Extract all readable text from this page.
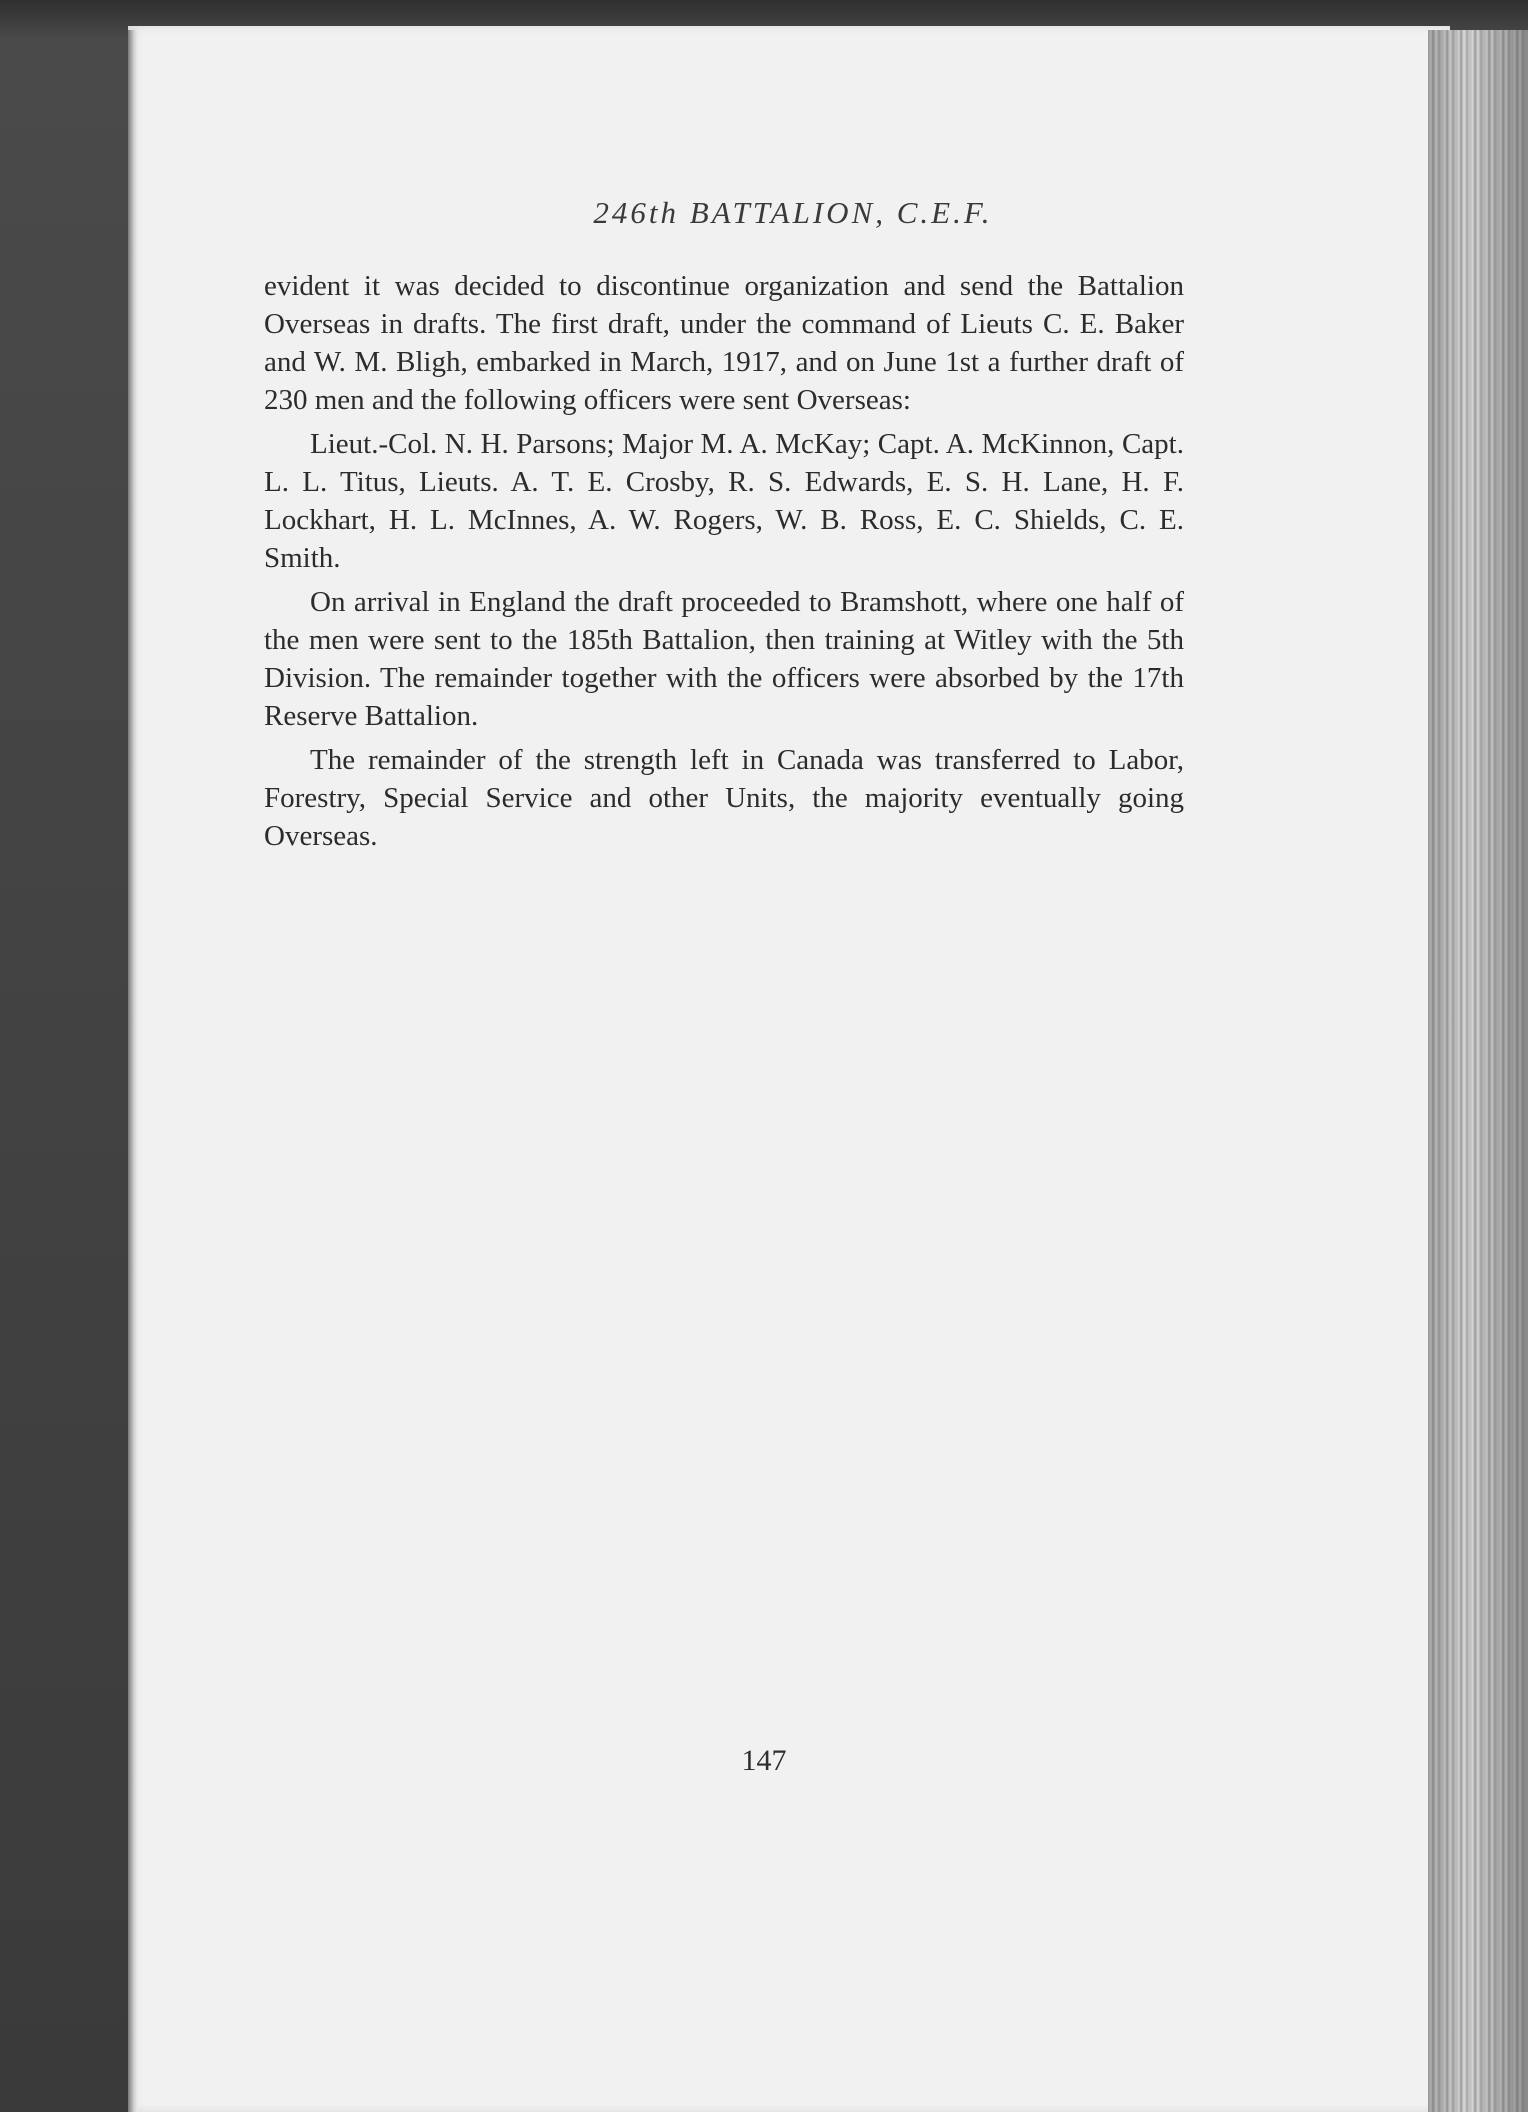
246th BATTALION, C.E.F.

evident it was decided to discontinue organization and send the Battalion Overseas in drafts. The first draft, under the command of Lieuts C. E. Baker and W. M. Bligh, embarked in March, 1917, and on June 1st a further draft of 230 men and the following officers were sent Overseas:

Lieut.-Col. N. H. Parsons; Major M. A. McKay; Capt. A. McKinnon, Capt. L. L. Titus, Lieuts. A. T. E. Crosby, R. S. Edwards, E. S. H. Lane, H. F. Lockhart, H. L. McInnes, A. W. Rogers, W. B. Ross, E. C. Shields, C. E. Smith.

On arrival in England the draft proceeded to Bramshott, where one half of the men were sent to the 185th Battalion, then training at Witley with the 5th Division. The remainder together with the officers were absorbed by the 17th Reserve Battalion.

The remainder of the strength left in Canada was transferred to Labor, Forestry, Special Service and other Units, the majority eventually going Overseas.

147
